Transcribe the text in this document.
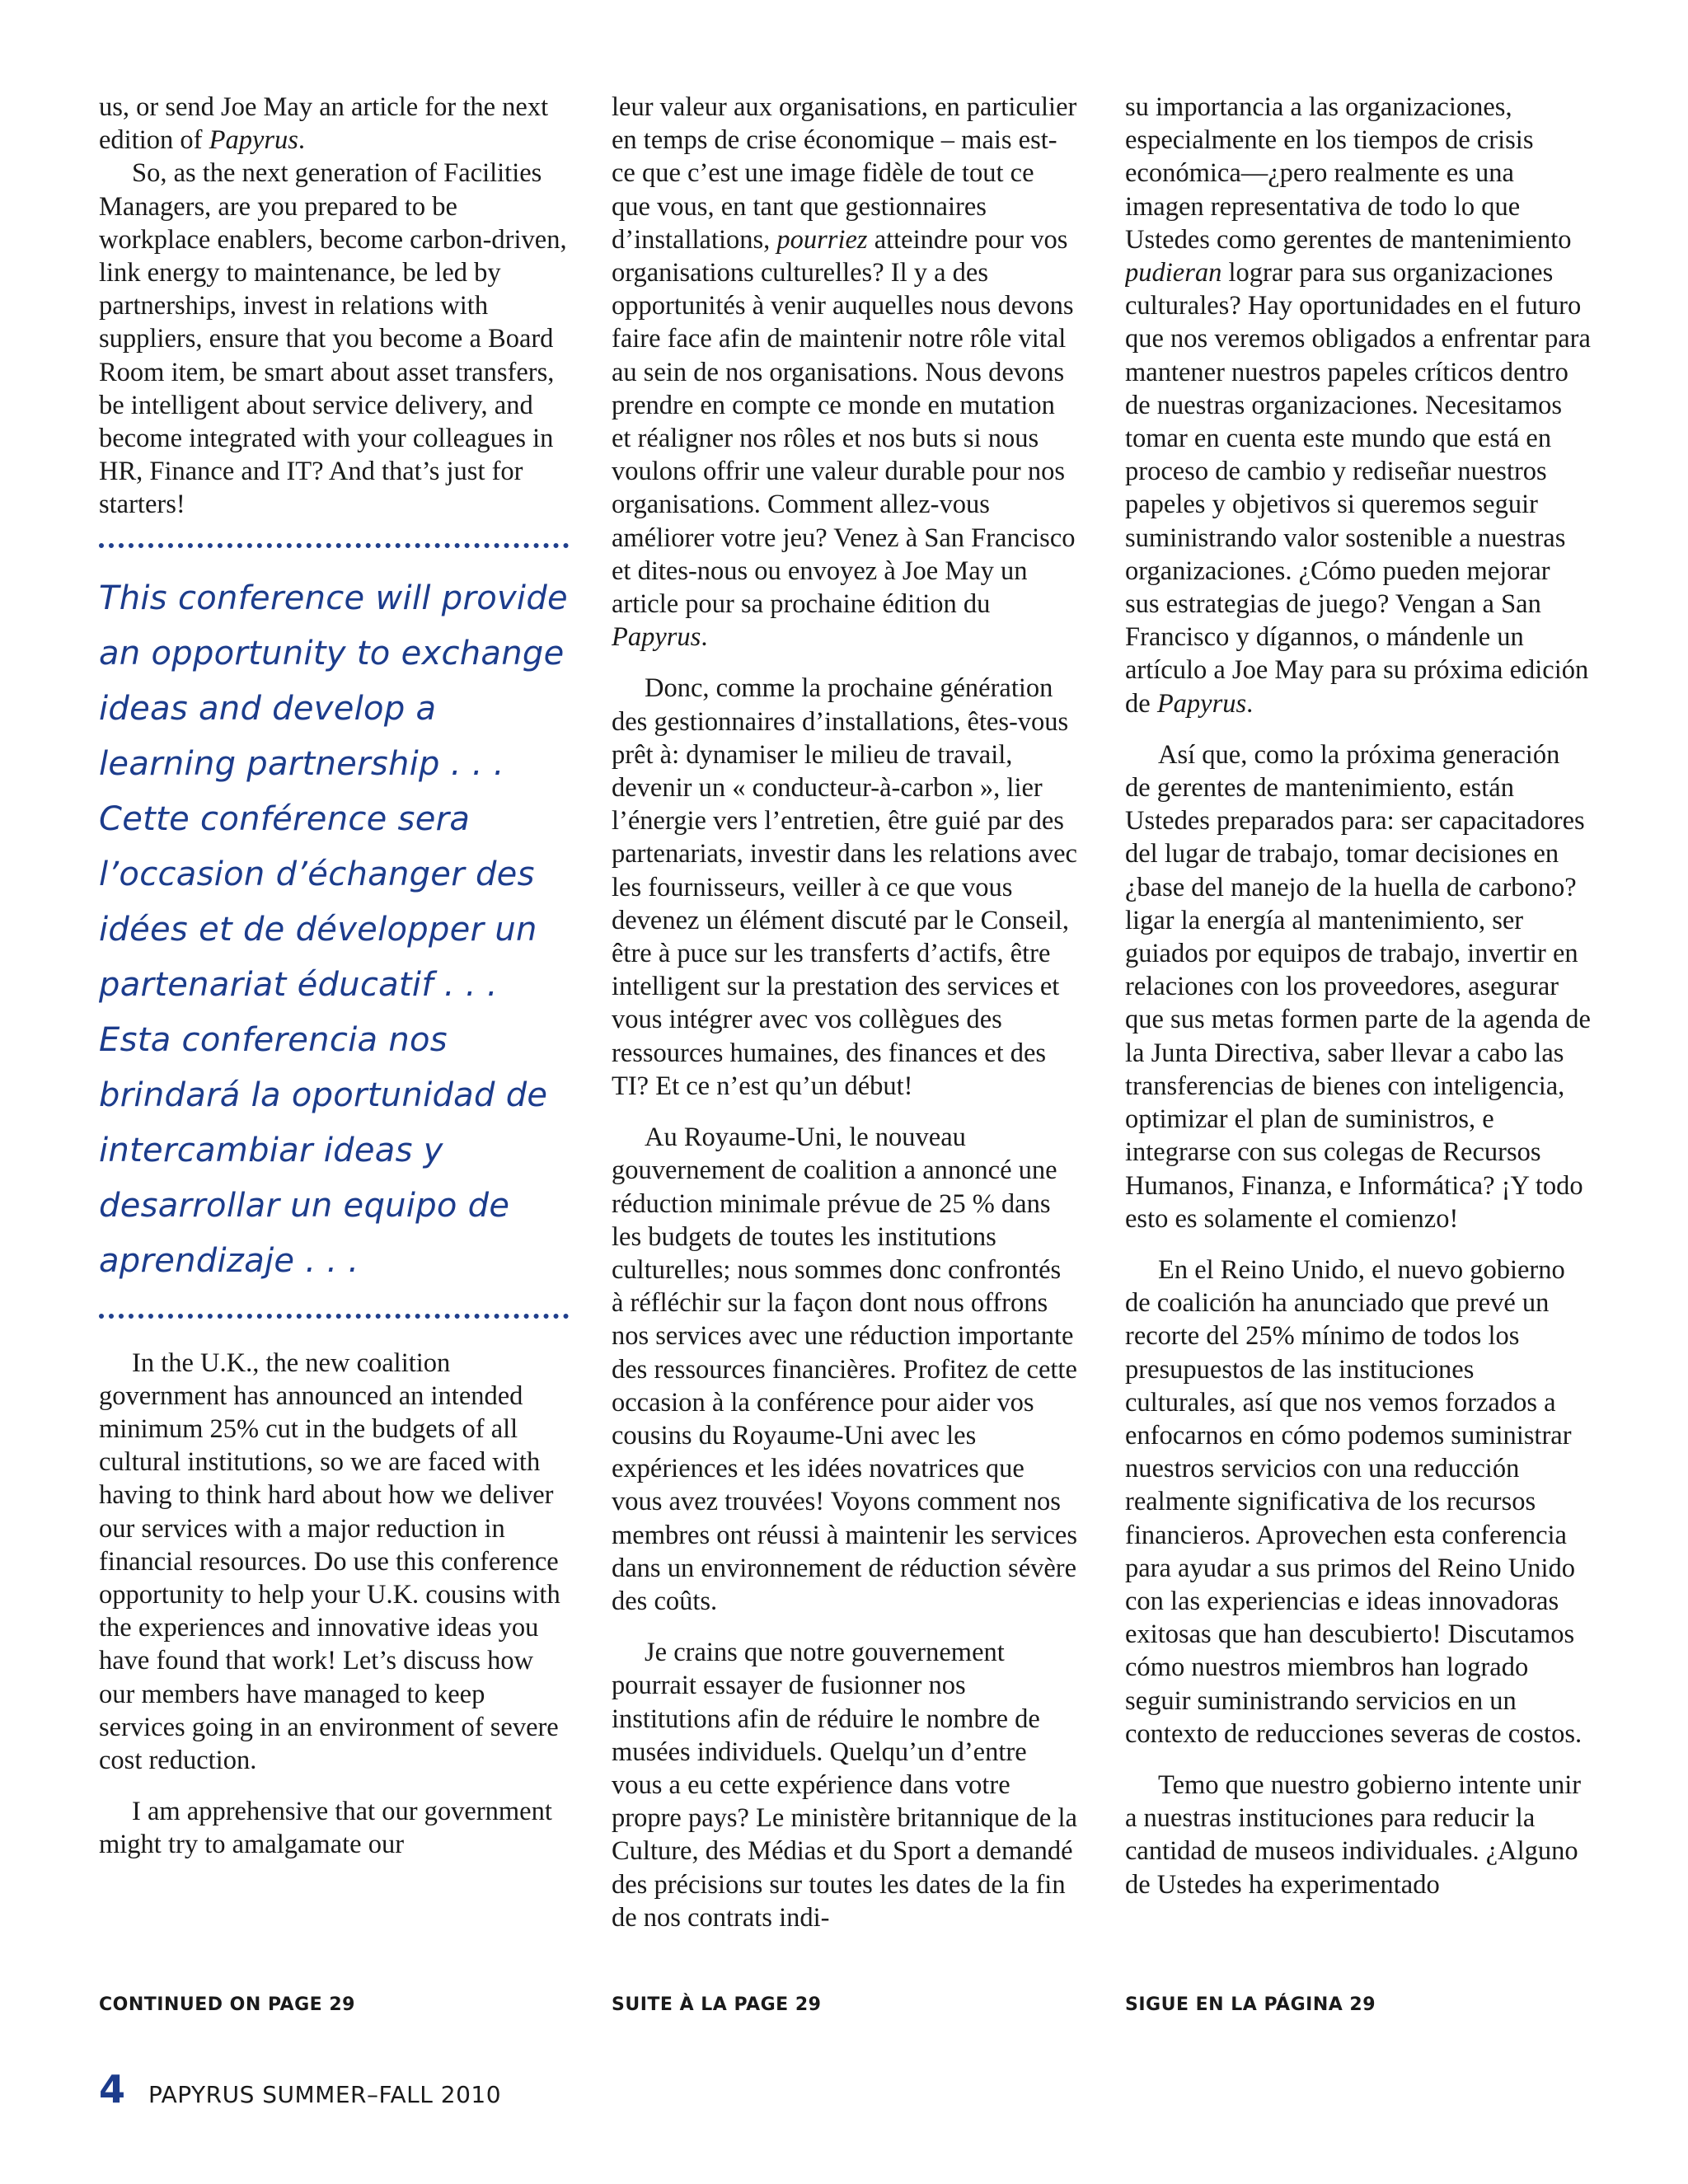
us, or send Joe May an article for the next edition of Papyrus.

So, as the next generation of Facilities Managers, are you prepared to be workplace enablers, become carbon-driven, link energy to maintenance, be led by partnerships, invest in relations with suppliers, ensure that you become a Board Room item, be smart about asset transfers, be intelligent about service delivery, and become integrated with your colleagues in HR, Finance and IT? And that’s just for starters!

This conference will provide an opportunity to exchange ideas and develop a learning partnership . . .

Cette conférence sera l’occasion d’échanger des idées et de développer un partenariat éducatif . . .

Esta conferencia nos brindará la oportunidad de intercambiar ideas y desarrollar un equipo de aprendizaje . . .

In the U.K., the new coalition government has announced an intended minimum 25% cut in the budgets of all cultural institutions, so we are faced with having to think hard about how we deliver our services with a major reduction in financial resources. Do use this conference opportunity to help your U.K. cousins with the experiences and innovative ideas you have found that work! Let’s discuss how our members have managed to keep services going in an environment of severe cost reduction.

I am apprehensive that our government might try to amalgamate our

leur valeur aux organisations, en particulier en temps de crise économique – mais est-ce que c’est une image fidèle de tout ce que vous, en tant que gestionnaires d’installations, pourriez atteindre pour vos organisations culturelles? Il y a des opportunités à venir auquelles nous devons faire face afin de maintenir notre rôle vital au sein de nos organisations. Nous devons prendre en compte ce monde en mutation et réaligner nos rôles et nos buts si nous voulons offrir une valeur durable pour nos organisations. Comment allez-vous améliorer votre jeu? Venez à San Francisco et dites-nous ou envoyez à Joe May un article pour sa prochaine édition du Papyrus.

Donc, comme la prochaine génération des gestionnaires d’installations, êtes-vous prêt à: dynamiser le milieu de travail, devenir un « conducteur-à-carbon », lier l’énergie vers l’entretien, être guié par des partenariats, investir dans les relations avec les fournisseurs, veiller à ce que vous devenez un élément discuté par le Conseil, être à puce sur les transferts d’actifs, être intelligent sur la prestation des services et vous intégrer avec vos collègues des ressources humaines, des finances et des TI? Et ce n’est qu’un début!

Au Royaume-Uni, le nouveau gouvernement de coalition a annoncé une réduction minimale prévue de 25 % dans les budgets de toutes les institutions culturelles; nous sommes donc confrontés à réfléchir sur la façon dont nous offrons nos services avec une réduction importante des ressources financières. Profitez de cette occasion à la conférence pour aider vos cousins du Royaume-Uni avec les expériences et les idées novatrices que vous avez trouvées! Voyons comment nos membres ont réussi à maintenir les services dans un environnement de réduction sévère des coûts.

Je crains que notre gouvernement pourrait essayer de fusionner nos institutions afin de réduire le nombre de musées individuels. Quelqu’un d’entre vous a eu cette expérience dans votre propre pays? Le ministère britannique de la Culture, des Médias et du Sport a demandé des précisions sur toutes les dates de la fin de nos contrats indi-

su importancia a las organizaciones, especialmente en los tiempos de crisis económica—¿pero realmente es una imagen representativa de todo lo que Ustedes como gerentes de mantenimiento pudieran lograr para sus organizaciones culturales? Hay oportunidades en el futuro que nos veremos obligados a enfrentar para mantener nuestros papeles críticos dentro de nuestras organizaciones. Necesitamos tomar en cuenta este mundo que está en proceso de cambio y rediseñar nuestros papeles y objetivos si queremos seguir suministrando valor sostenible a nuestras organizaciones. ¿Cómo pueden mejorar sus estrategias de juego? Vengan a San Francisco y dígannos, o mándenle un artículo a Joe May para su próxima edición de Papyrus.

Así que, como la próxima generación de gerentes de mantenimiento, están Ustedes preparados para: ser capacitadores del lugar de trabajo, tomar decisiones en ¿base del manejo de la huella de carbono? ligar la energía al mantenimiento, ser guiados por equipos de trabajo, invertir en relaciones con los proveedores, asegurar que sus metas formen parte de la agenda de la Junta Directiva, saber llevar a cabo las transferencias de bienes con inteligencia, optimizar el plan de suministros, e integrarse con sus colegas de Recursos Humanos, Finanza, e Informática? ¡Y todo esto es solamente el comienzo!

En el Reino Unido, el nuevo gobierno de coalición ha anunciado que prevé un recorte del 25% mínimo de todos los presupuestos de las instituciones culturales, así que nos vemos forzados a enfocarnos en cómo podemos suministrar nuestros servicios con una reducción realmente significativa de los recursos financieros. Aprovechen esta conferencia para ayudar a sus primos del Reino Unido con las experiencias e ideas innovadoras exitosas que han descubierto! Discutamos cómo nuestros miembros han logrado seguir suministrando servicios en un contexto de reducciones severas de costos.

Temo que nuestro gobierno intente unir a nuestras instituciones para reducir la cantidad de museos individuales. ¿Alguno de Ustedes ha experimentado

CONTINUED ON PAGE 29	SUITE À LA PAGE 29	SIGUE EN LA PÁGINA 29
4 PAPYRUS SUMMER–FALL 2010
